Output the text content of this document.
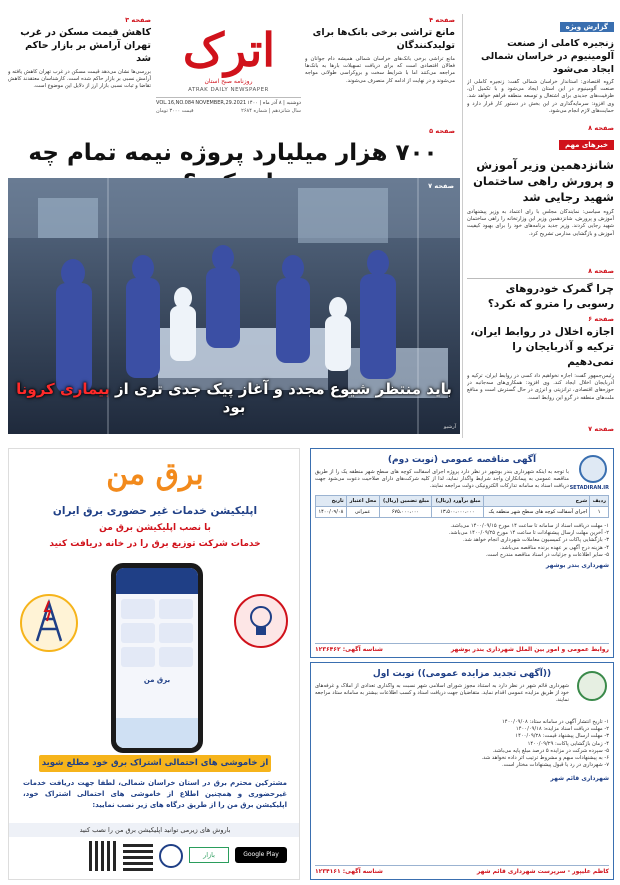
گزارش ویژه
زنجیره کاملی از صنعت آلومینیوم در خراسان شمالی ایجاد می‌شود
گروه اقتصادی: استاندار خراسان شمالی گفت: زنجیره کاملی از صنعت آلومینیوم در این استان ایجاد می‌شود و با تکمیل آن، ظرفیت‌های جدیدی برای اشتغال و توسعه منطقه فراهم خواهد شد. وی افزود: سرمایه‌گذاری در این بخش در دستور کار قرار دارد و حمایت‌های لازم انجام می‌شود.
صفحه ۸
خبرهای مهم
شانزدهمین وزیر آموزش و پرورش راهی ساختمان شهید رجایی شد
گروه سیاسی: نمایندگان مجلس با رای اعتماد به وزیر پیشنهادی آموزش و پرورش، شانزدهمین وزیر این وزارتخانه را راهی ساختمان شهید رجایی کردند. وزیر جدید برنامه‌های خود را برای بهبود کیفیت آموزش و بازگشایی مدارس تشریح کرد.
صفحه ۸
چرا گمرک خودروهای رسوبی را مترو که نکرد؟
صفحه ۶
اجازه اخلال در روابط ایران، ترکیه و آذربایجان را نمی‌دهیم
رئیس‌جمهور گفت: اجازه نخواهیم داد کسی در روابط ایران، ترکیه و آذربایجان اخلال ایجاد کند. وی افزود: همکاری‌های سه‌جانبه در حوزه‌های اقتصادی، ترانزیتی و انرژی در حال گسترش است و منافع ملت‌های منطقه در گرو این روابط است.
صفحه ۷
صفحه ۴
مانع تراشی برخی بانک‌ها برای تولیدکنندگان
مانع تراشی برخی بانک‌های خراسان شمالی همیشه دام جوانان و فعالان اقتصادی است که برای دریافت تسهیلات بارها به بانک‌ها مراجعه می‌کنند اما با شرایط سخت و بروکراسی طولانی مواجه می‌شوند و در نهایت از ادامه کار منصرف می‌شوند.
اترک
روزنامه صبح استان
ATRAK DAILY NEWSPAPER
VOL.16,NO.084 NOVEMBER,29.2021 دوشنبه | ۸ آذر ماه | ۱۴۰۰
سال شانزدهم | شماره ۲۶۸۴
قیمت ۳۰۰۰ تومان
صفحه ۳
کاهش قیمت مسکن در غرب تهران آرامش بر بازار حاکم شد
بررسی‌ها نشان می‌دهد قیمت مسکن در غرب تهران کاهش یافته و آرامش نسبی بر بازار حاکم شده است. کارشناسان معتقدند کاهش تقاضا و ثبات نسبی بازار ارز از دلایل این موضوع است.
صفحه ۵
۷۰۰ هزار میلیارد پروژه نیمه تمام چه
صفحه ۷
باید منتظر شیوع مجدد و آغاز پیک جدی تری از بیماری کرونا بود
آرشیو
برق من
اپلیکیشن خدمات غیر حضوری برق ایران
با نصب اپلیکیشن برق من
خدمات شرکت توزیع برق را در خانه دریافت کنید
برق من
از خاموشی های احتمالی اشتراک برق خود مطلع شوید
مشترکین محترم برق در استان خراسان شمالی، لطفا جهت دریافت خدمات غیرحضوری و همچنین اطلاع از خاموشی های احتمالی اشتراک خود، اپلیکیشن برق من را از طریق درگاه های زیر نصب نمایید:
باروش های زیرمی توانید اپلیکیشن برق من را نصب کنید
بازار	Google Play
آگهی مناقصه عمومی (نوبت دوم)
SETADIRAN.IR
با توجه به اینکه شهرداری بندر بوشهر در نظر دارد پروژه اجرای آسفالت کوچه های سطح شهر منطقه یک را از طریق مناقصه عمومی به پیمانکاران واجد شرایط واگذار نماید، لذا از کلیه شرکت‌های دارای صلاحیت دعوت می‌شود جهت دریافت اسناد به سامانه تدارکات الکترونیکی دولت مراجعه نمایند.
ردیف	شرح	مبلغ برآورد (ریال)	مبلغ تضمین (ریال)	محل اعتبار	تاریخ
۱	اجرای آسفالت کوچه های سطح شهر منطقه یک	۱۳،۵۰۰،۰۰۰،۰۰۰	۶۷۵،۰۰۰،۰۰۰	عمرانی	۱۴۰۰/۰۹/۰۸
۱- مهلت دریافت اسناد از سامانه تا ساعت ۱۴ مورخ ۱۴۰۰/۰۹/۱۵ می‌باشد.
۲- آخرین مهلت ارسال پیشنهادات تا ساعت ۱۴ مورخ ۱۴۰۰/۰۹/۲۵ می‌باشد.
۳- بازگشایی پاکات در کمیسیون معاملات شهرداری انجام خواهد شد.
۴- هزینه درج آگهی بر عهده برنده مناقصه می‌باشد.
۵- سایر اطلاعات و جزئیات در اسناد مناقصه مندرج است.
شهرداری بندر بوشهر
روابط عمومی و امور بین الملل شهرداری بندر بوشهر
شناسه آگهی: ۱۲۳۶۴۶۲
((آگهی تجدید مزایده عمومی)) نوبت اول
شهرداری قائم شهر در نظر دارد به استناد مجوز شورای اسلامی شهر نسبت به واگذاری تعدادی از املاک و غرفه‌های خود از طریق مزایده عمومی اقدام نماید. متقاضیان جهت دریافت اسناد و کسب اطلاعات بیشتر به سامانه ستاد مراجعه نمایند.
۱- تاریخ انتشار آگهی در سامانه ستاد: ۱۴۰۰/۰۹/۰۸
۲- مهلت دریافت اسناد مزایده: ۱۴۰۰/۰۹/۱۸
۳- مهلت ارسال پیشنهاد قیمت: ۱۴۰۰/۰۹/۲۸
۴- زمان بازگشایی پاکات: ۱۴۰۰/۰۹/۲۹
۵- سپرده شرکت در مزایده ۵ درصد مبلغ پایه می‌باشد.
۶- به پیشنهادات مبهم و مشروط ترتیب اثر داده نخواهد شد.
۷- شهرداری در رد یا قبول پیشنهادات مختار است.
شهرداری قائم شهر
کاظم علیپور - سرپرست شهرداری قائم شهر
شناسه آگهی: ۱۲۳۴۱۶۱
